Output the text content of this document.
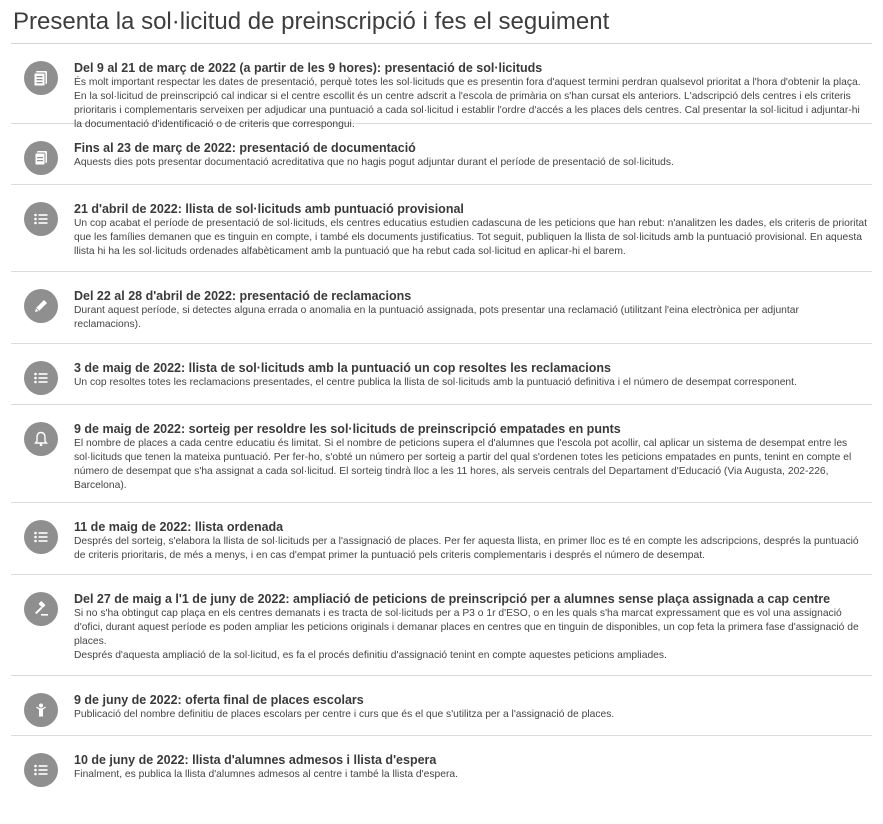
Presenta la sol·licitud de preinscripció i fes el seguiment
Del 9 al 21 de març de 2022 (a partir de les 9 hores): presentació de sol·licituds

És molt important respectar les dates de presentació, perquè totes les sol·licituds que es presentin fora d'aquest termini perdran qualsevol prioritat a l'hora d'obtenir la plaça. En la sol·licitud de preinscripció cal indicar si el centre escollit és un centre adscrit a l'escola de primària on s'han cursat els anteriors. L'adscripció dels centres i els criteris prioritaris i complementaris serveixen per adjudicar una puntuació a cada sol·licitud i establir l'ordre d'accés a les places dels centres. Cal presentar la sol·licitud i adjuntar-hi la documentació d'identificació o de criteris que correspongui.

Fins al 23 de març de 2022: presentació de documentació

Aquests dies pots presentar documentació acreditativa que no hagis pogut adjuntar durant el període de presentació de sol·licituds.

21 d'abril de 2022: llista de sol·licituds amb puntuació provisional

Un cop acabat el període de presentació de sol·licituds, els centres educatius estudien cadascuna de les peticions que han rebut: n'analitzen les dades, els criteris de prioritat que les famílies demanen que es tinguin en compte, i també els documents justificatius. Tot seguit, publiquen la llista de sol·licituds amb la puntuació provisional. En aquesta llista hi ha les sol·licituds ordenades alfabèticament amb la puntuació que ha rebut cada sol·licitud en aplicar-hi el barem.

Del 22 al 28 d'abril de 2022: presentació de reclamacions

Durant aquest període, si detectes alguna errada o anomalia en la puntuació assignada, pots presentar una reclamació (utilitzant l'eina electrònica per adjuntar reclamacions).

3 de maig de 2022: llista de sol·licituds amb la puntuació un cop resoltes les reclamacions

Un cop resoltes totes les reclamacions presentades, el centre publica la llista de sol·licituds amb la puntuació definitiva i el número de desempat corresponent.

9 de maig de 2022: sorteig per resoldre les sol·licituds de preinscripció empatades en punts

El nombre de places a cada centre educatiu és limitat. Si el nombre de peticions supera el d'alumnes que l'escola pot acollir, cal aplicar un sistema de desempat entre les sol·licituds que tenen la mateixa puntuació. Per fer-ho, s'obté un número per sorteig a partir del qual s'ordenen totes les peticions empatades en punts, tenint en compte el número de desempat que s'ha assignat a cada sol·licitud. El sorteig tindrà lloc a les 11 hores, als serveis centrals del Departament d'Educació (Via Augusta, 202-226, Barcelona).

11 de maig de 2022: llista ordenada

Després del sorteig, s'elabora la llista de sol·licituds per a l'assignació de places. Per fer aquesta llista, en primer lloc es té en compte les adscripcions, després la puntuació de criteris prioritaris, de més a menys, i en cas d'empat primer la puntuació pels criteris complementaris i després el número de desempat.

Del 27 de maig a l'1 de juny de 2022: ampliació de peticions de preinscripció per a alumnes sense plaça assignada a cap centre

Si no s'ha obtingut cap plaça en els centres demanats i es tracta de sol·licituds per a P3 o 1r d'ESO, o en les quals s'ha marcat expressament que es vol una assignació d'ofici, durant aquest període es poden ampliar les peticions originals i demanar places en centres que en tinguin de disponibles, un cop feta la primera fase d'assignació de places.

Després d'aquesta ampliació de la sol·licitud, es fa el procés definitiu d'assignació tenint en compte aquestes peticions ampliades.

9 de juny de 2022: oferta final de places escolars

Publicació del nombre definitiu de places escolars per centre i curs que és el que s'utilitza per a l'assignació de places.

10 de juny de 2022: llista d'alumnes admesos i llista d'espera

Finalment, es publica la llista d'alumnes admesos al centre i també la llista d'espera.
